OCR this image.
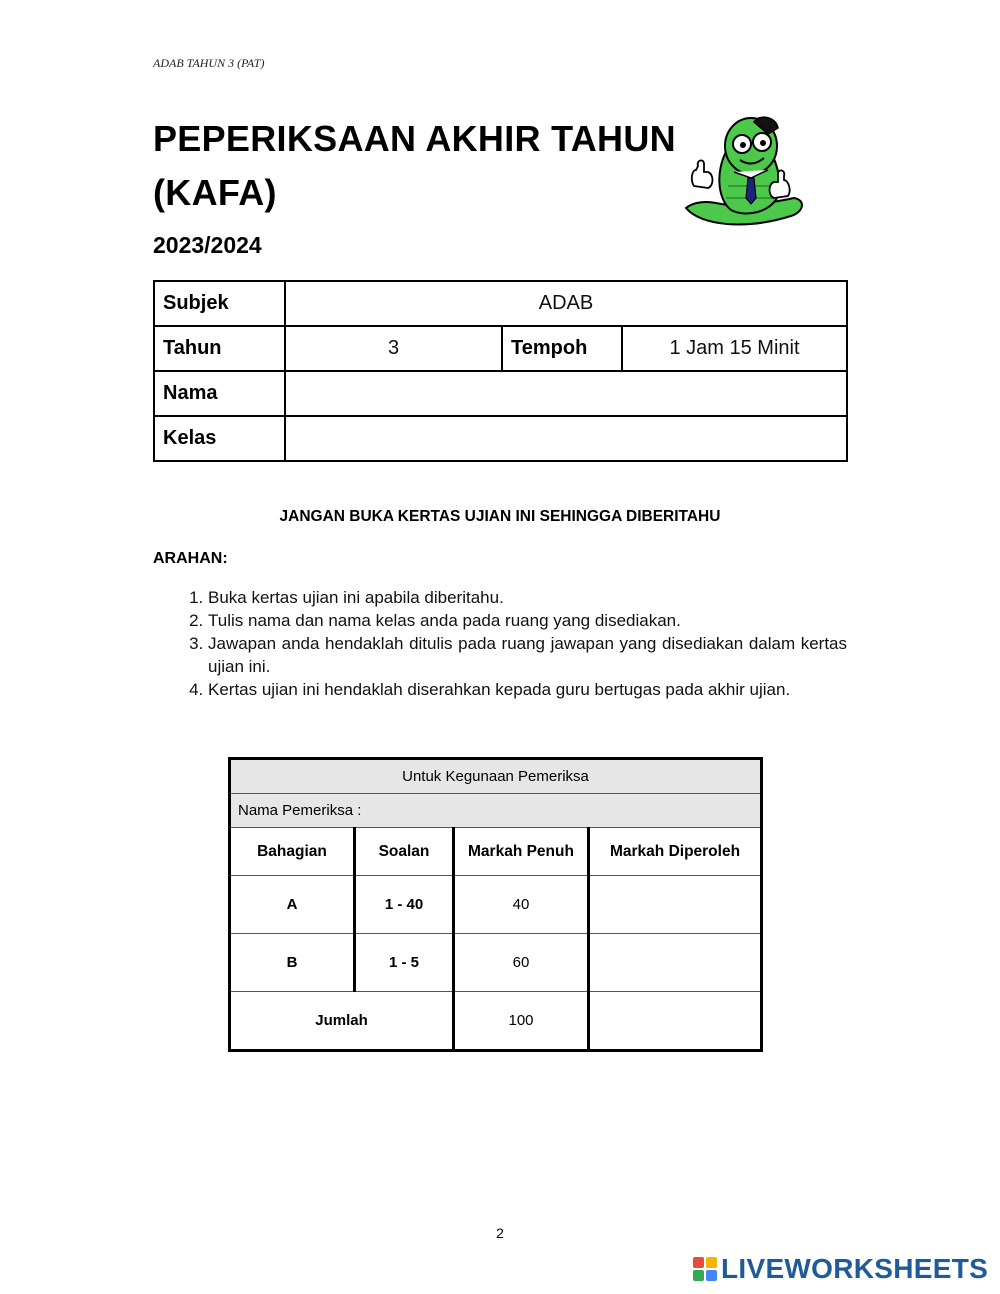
ADAB TAHUN 3 (PAT)
PEPERIKSAAN AKHIR TAHUN
(KAFA)
2023/2024
Subjek	ADAB		
Tahun	3	Tempoh	1 Jam 15 Minit
Nama			
Kelas			
JANGAN BUKA KERTAS UJIAN INI SEHINGGA DIBERITAHU
ARAHAN:
1. Buka kertas ujian ini apabila diberitahu.
2. Tulis nama dan nama kelas anda pada ruang yang disediakan.
3. Jawapan anda hendaklah ditulis pada ruang jawapan yang disediakan dalam kertas ujian ini.
4. Kertas ujian ini hendaklah diserahkan kepada guru bertugas pada akhir ujian.
Untuk Kegunaan Pemeriksa			
Nama Pemeriksa :			
Bahagian	Soalan	Markah Penuh	Markah Diperoleh
A	1 - 40	40	
B	1 - 5	60	
Jumlah		100	
2
LIVEWORKSHEETS
